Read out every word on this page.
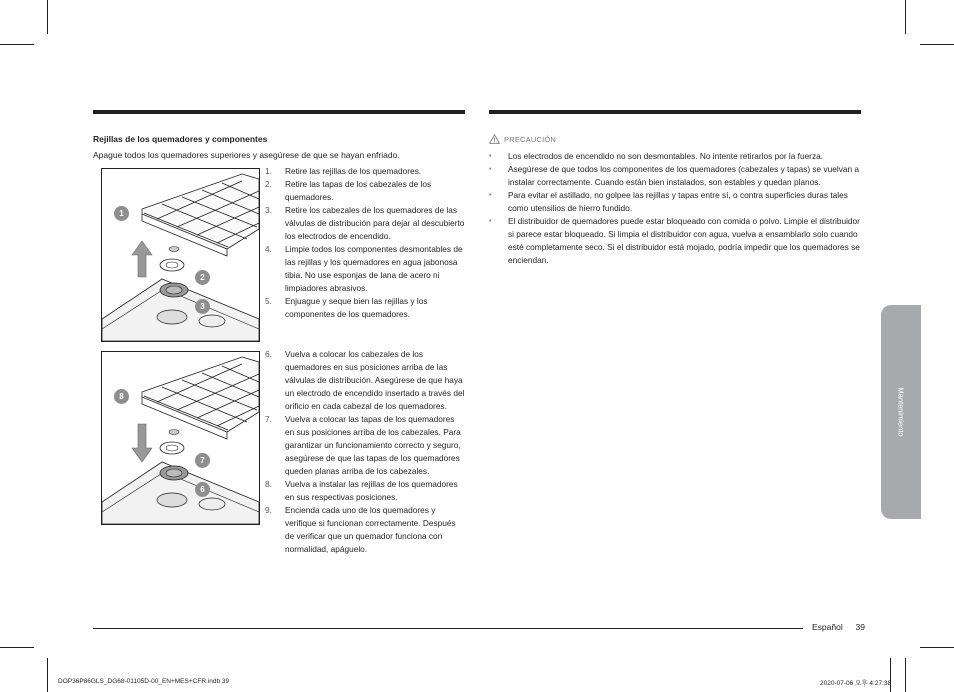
Rejillas de los quemadores y componentes
Apague todos los quemadores superiores y asegúrese de que se hayan enfriado.
1
2
3
1. Retire las rejillas de los quemadores.
2. Retire las tapas de los cabezales de los quemadores.
3. Retire los cabezales de los quemadores de las válvulas de distribución para dejar al descubierto los electrodos de encendido.
4. Limpie todos los componentes desmontables de las rejillas y los quemadores en agua jabonosa tibia. No use esponjas de lana de acero ni limpiadores abrasivos.
5. Enjuague y seque bien las rejillas y los componentes de los quemadores.
8
7
6
6. Vuelva a colocar los cabezales de los quemadores en sus posiciones arriba de las válvulas de distribución. Asegúrese de que haya un electrodo de encendido insertado a través del orificio en cada cabezal de los quemadores.
7. Vuelva a colocar las tapas de los quemadores en sus posiciones arriba de los cabezales. Para garantizar un funcionamiento correcto y seguro, asegúrese de que las tapas de los quemadores queden planas arriba de los cabezales.
8. Vuelva a instalar las rejillas de los quemadores en sus respectivas posiciones.
9. Encienda cada uno de los quemadores y verifique si funcionan correctamente. Después de verificar que un quemador funciona con normalidad, apáguelo.
PRECAUCIÓN
• Los electrodos de encendido no son desmontables. No intente retirarlos por la fuerza.
• Asegúrese de que todos los componentes de los quemadores (cabezales y tapas) se vuelvan a instalar correctamente. Cuando están bien instalados, son estables y quedan planos.
• Para evitar el astillado, no golpee las rejillas y tapas entre sí, o contra superficies duras tales como utensilios de hierro fundido.
• El distribuidor de quemadores puede estar bloqueado con comida o polvo. Limpie el distribuidor si parece estar bloqueado. Si limpia el distribuidor con agua, vuelva a ensamblarlo solo cuando esté completamente seco. Si el distribuidor está mojado, podría impedir que los quemadores se enciendan.
Mantenimiento
Español 39
DOP36P86GLS_DG68-01105D-00_EN+MES+CFR.indb 39	2020-07-06 오후 4:27:38
